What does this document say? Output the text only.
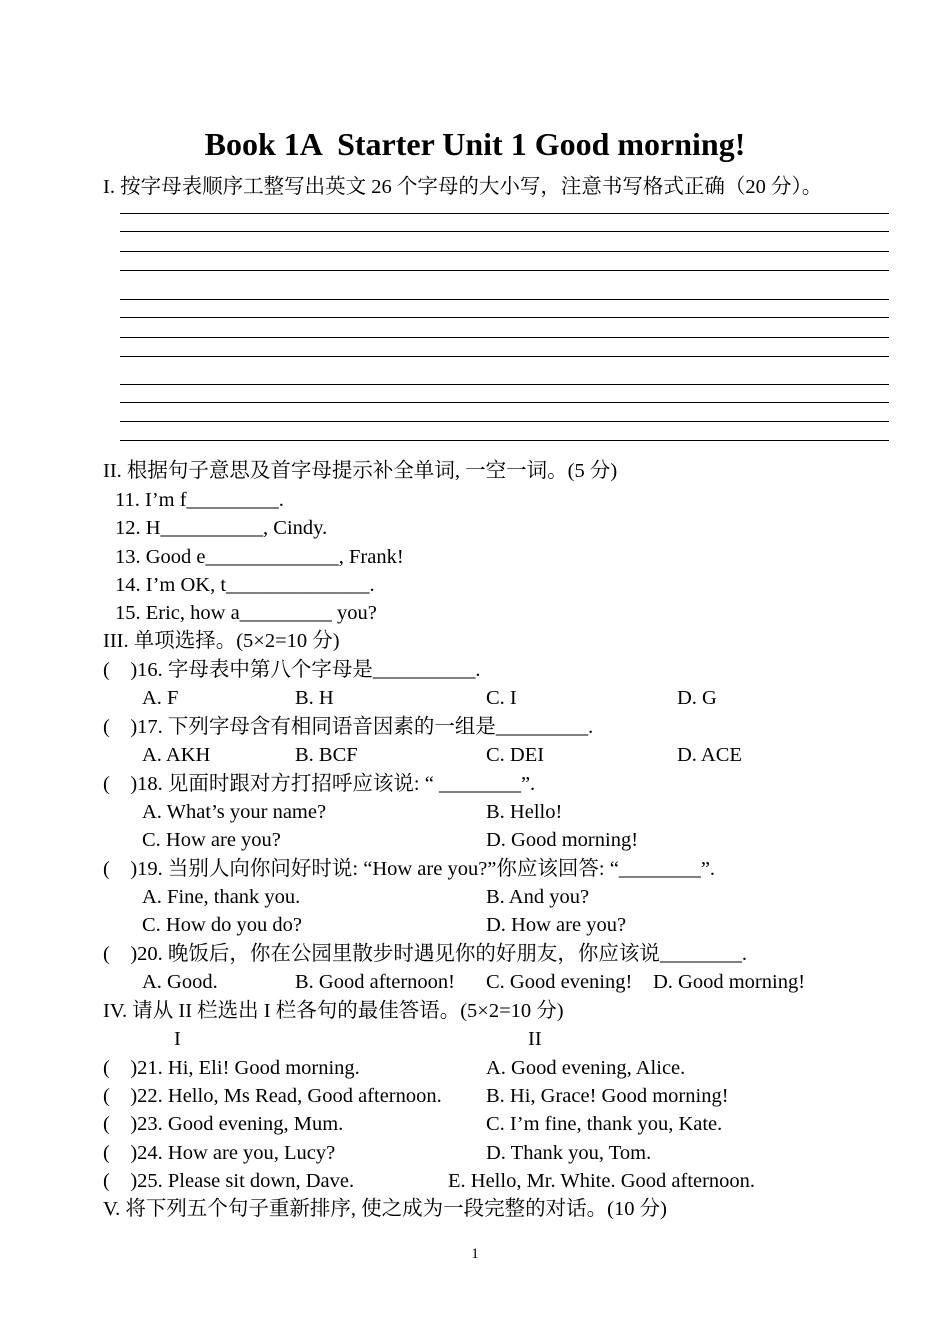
Book 1A  Starter Unit 1 Good morning!
I. 按字母表顺序工整写出英文 26 个字母的大小写，注意书写格式正确（20 分）。
II. 根据句子意思及首字母提示补全单词, 一空一词。(5 分)
11. I’m f_________.
12. H__________, Cindy.
13. Good e_____________, Frank!
14. I’m OK, t______________.
15. Eric, how a_________ you?
III. 单项选择。(5×2=10 分)
(    )16. 字母表中第八个字母是__________.
A. F	B. H	C. I	D. G
(    )17. 下列字母含有相同语音因素的一组是_________.
A. AKH	B. BCF	C. DEI	D. ACE
(    )18. 见面时跟对方打招呼应该说: “ ________”.
A. What’s your name?	B. Hello!
C. How are you?	D. Good morning!
(    )19. 当别人向你问好时说: “How are you?”你应该回答: “________”.
A. Fine, thank you.	B. And you?
C. How do you do?	D. How are you?
(    )20. 晚饭后，你在公园里散步时遇见你的好朋友，你应该说________.
A. Good.	B. Good afternoon! C. Good evening! D. Good morning!
IV. 请从 II 栏选出 I 栏各句的最佳答语。(5×2=10 分)
I	II
(    )21. Hi, Eli! Good morning.	A. Good evening, Alice.
(    )22. Hello, Ms Read, Good afternoon. B. Hi, Grace! Good morning!
(    )23. Good evening, Mum.	C. I’m fine, thank you, Kate.
(    )24. How are you, Lucy?	D. Thank you, Tom.
(    )25. Please sit down, Dave.	E. Hello, Mr. White. Good afternoon.
V. 将下列五个句子重新排序, 使之成为一段完整的对话。(10 分)
1
